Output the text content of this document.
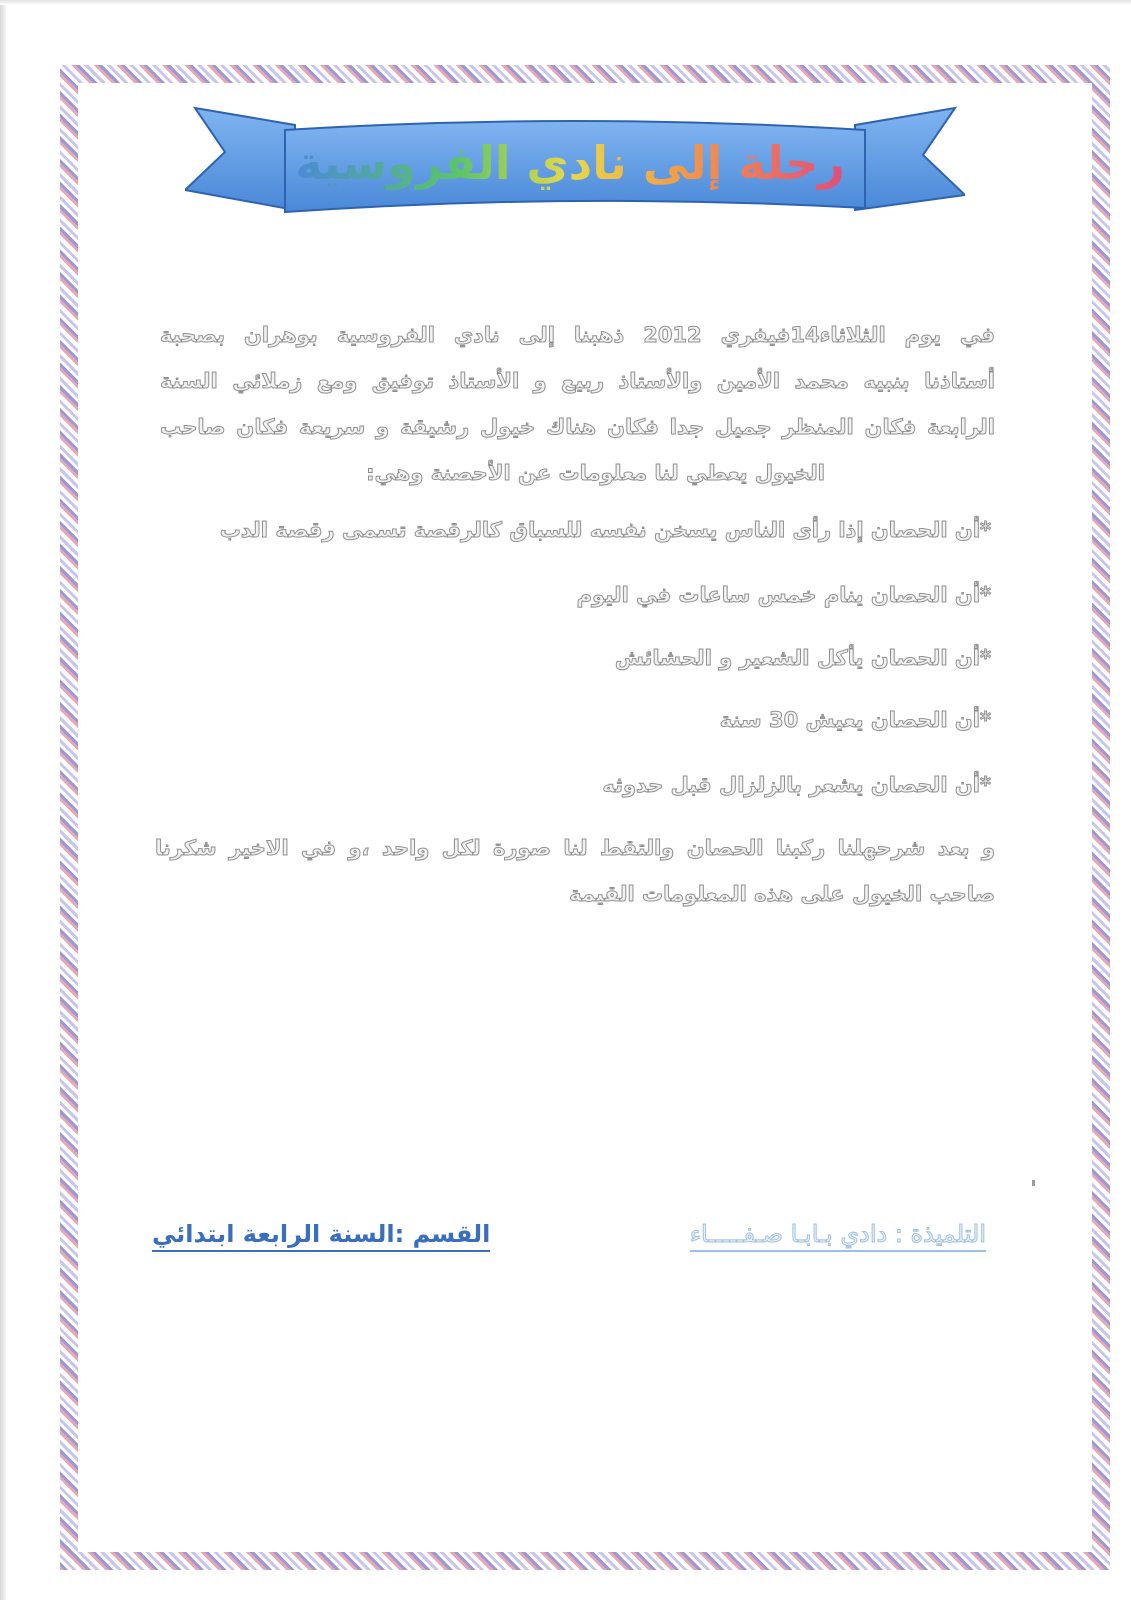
رحلة إلى نادي الفروسية
في يوم الثلاثاء14فيفري 2012 ذهبنا إلى نادي الفروسية بوهران بصحبة
أستاذنا بنبيه محمد الأمين والأستاذ ربيع و الأستاذ توفيق ومع زملائي السنة
الرابعة فكان المنظر جميل جدا فكان هناك خيول رشيقة و سريعة فكان صاحب
الخيول يعطي لنا معلومات عن الأحصنة وهي:
*أن الحصان إذا رأى الناس يسخن نفسه للسباق كالرقصة تسمى رقصة الدب
*أن الحصان ينام خمس ساعات في اليوم
*أن الحصان يأكل الشعير و الحشائش
*أن الحصان يعيش 30 سنة
*أن الحصان يشعر بالزلزال قبل حدوثه
و بعد شرحهلنا ركبنا الحصان والتقط لنا صورة لكل واحد ،و في الاخير شكرنا
صاحب الخيول على هذه المعلومات القيمة
التلميذة : دادي بـابـا صـفـــــاء
القسم :السنة الرابعة ابتدائي
